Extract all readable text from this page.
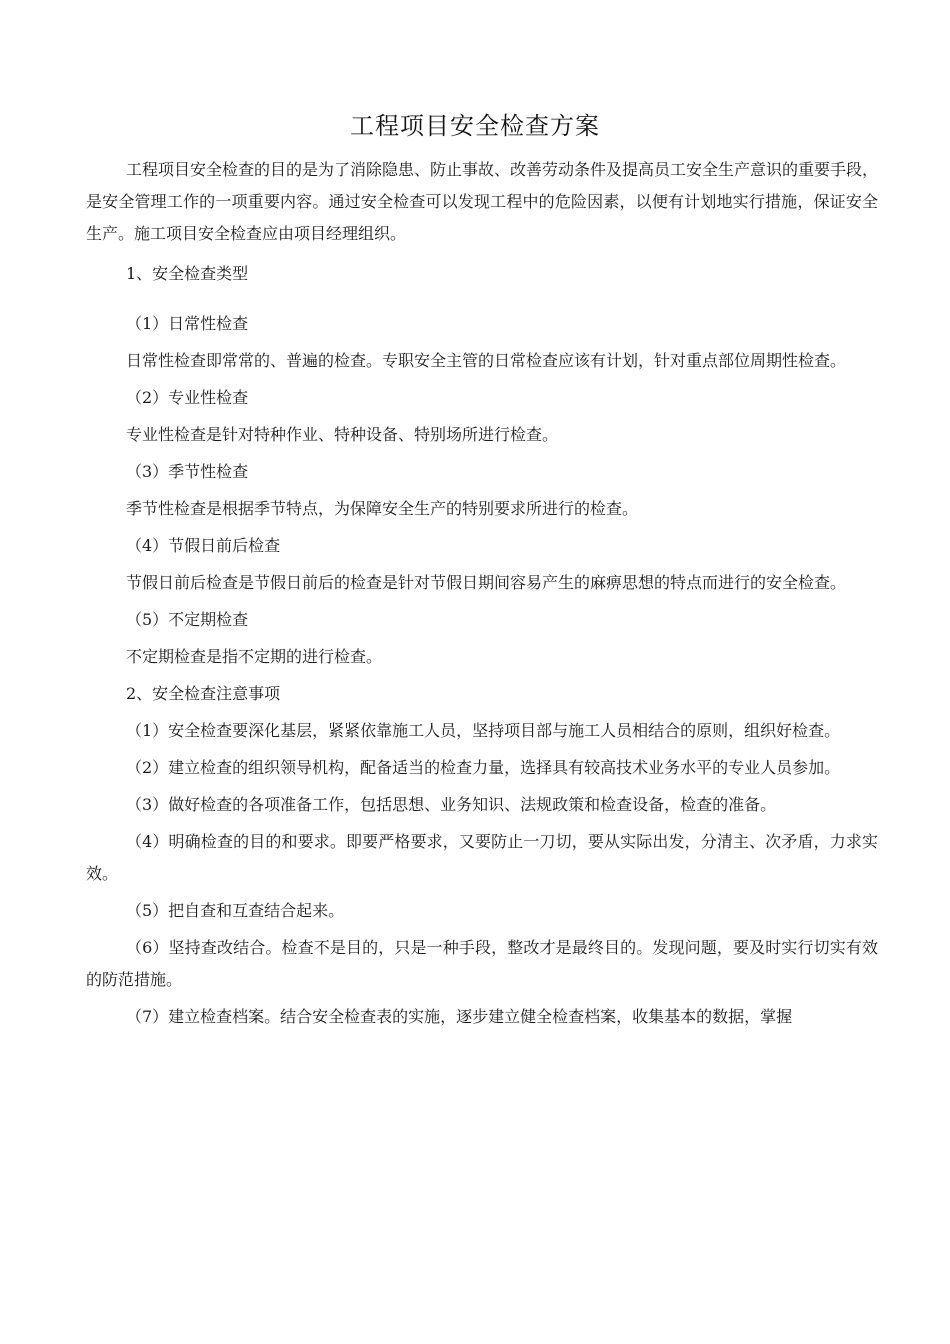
工程项目安全检查方案

工程项目安全检查的目的是为了消除隐患、防止事故、改善劳动条件及提高员工安全生产意识的重要手段，是安全管理工作的一项重要内容。通过安全检查可以发现工程中的危险因素，以便有计划地实行措施，保证安全生产。施工项目安全检查应由项目经理组织。

1、安全检查类型

（1）日常性检查

日常性检查即常常的、普遍的检查。专职安全主管的日常检查应该有计划，针对重点部位周期性检查。

（2）专业性检查

专业性检查是针对特种作业、特种设备、特别场所进行检查。

（3）季节性检查

季节性检查是根据季节特点，为保障安全生产的特别要求所进行的检查。

（4）节假日前后检查

节假日前后检查是节假日前后的检查是针对节假日期间容易产生的麻痹思想的特点而进行的安全检查。

（5）不定期检查

不定期检查是指不定期的进行检查。

2、安全检查注意事项

（1）安全检查要深化基层，紧紧依靠施工人员，坚持项目部与施工人员相结合的原则，组织好检查。

（2）建立检查的组织领导机构，配备适当的检查力量，选择具有较高技术业务水平的专业人员参加。

（3）做好检查的各项准备工作，包括思想、业务知识、法规政策和检查设备，检查的准备。

（4）明确检查的目的和要求。即要严格要求，又要防止一刀切，要从实际出发，分清主、次矛盾，力求实效。

（5）把自查和互查结合起来。

（6）坚持查改结合。检查不是目的，只是一种手段，整改才是最终目的。发现问题，要及时实行切实有效的防范措施。

（7）建立检查档案。结合安全检查表的实施，逐步建立健全检查档案，收集基本的数据，掌握
